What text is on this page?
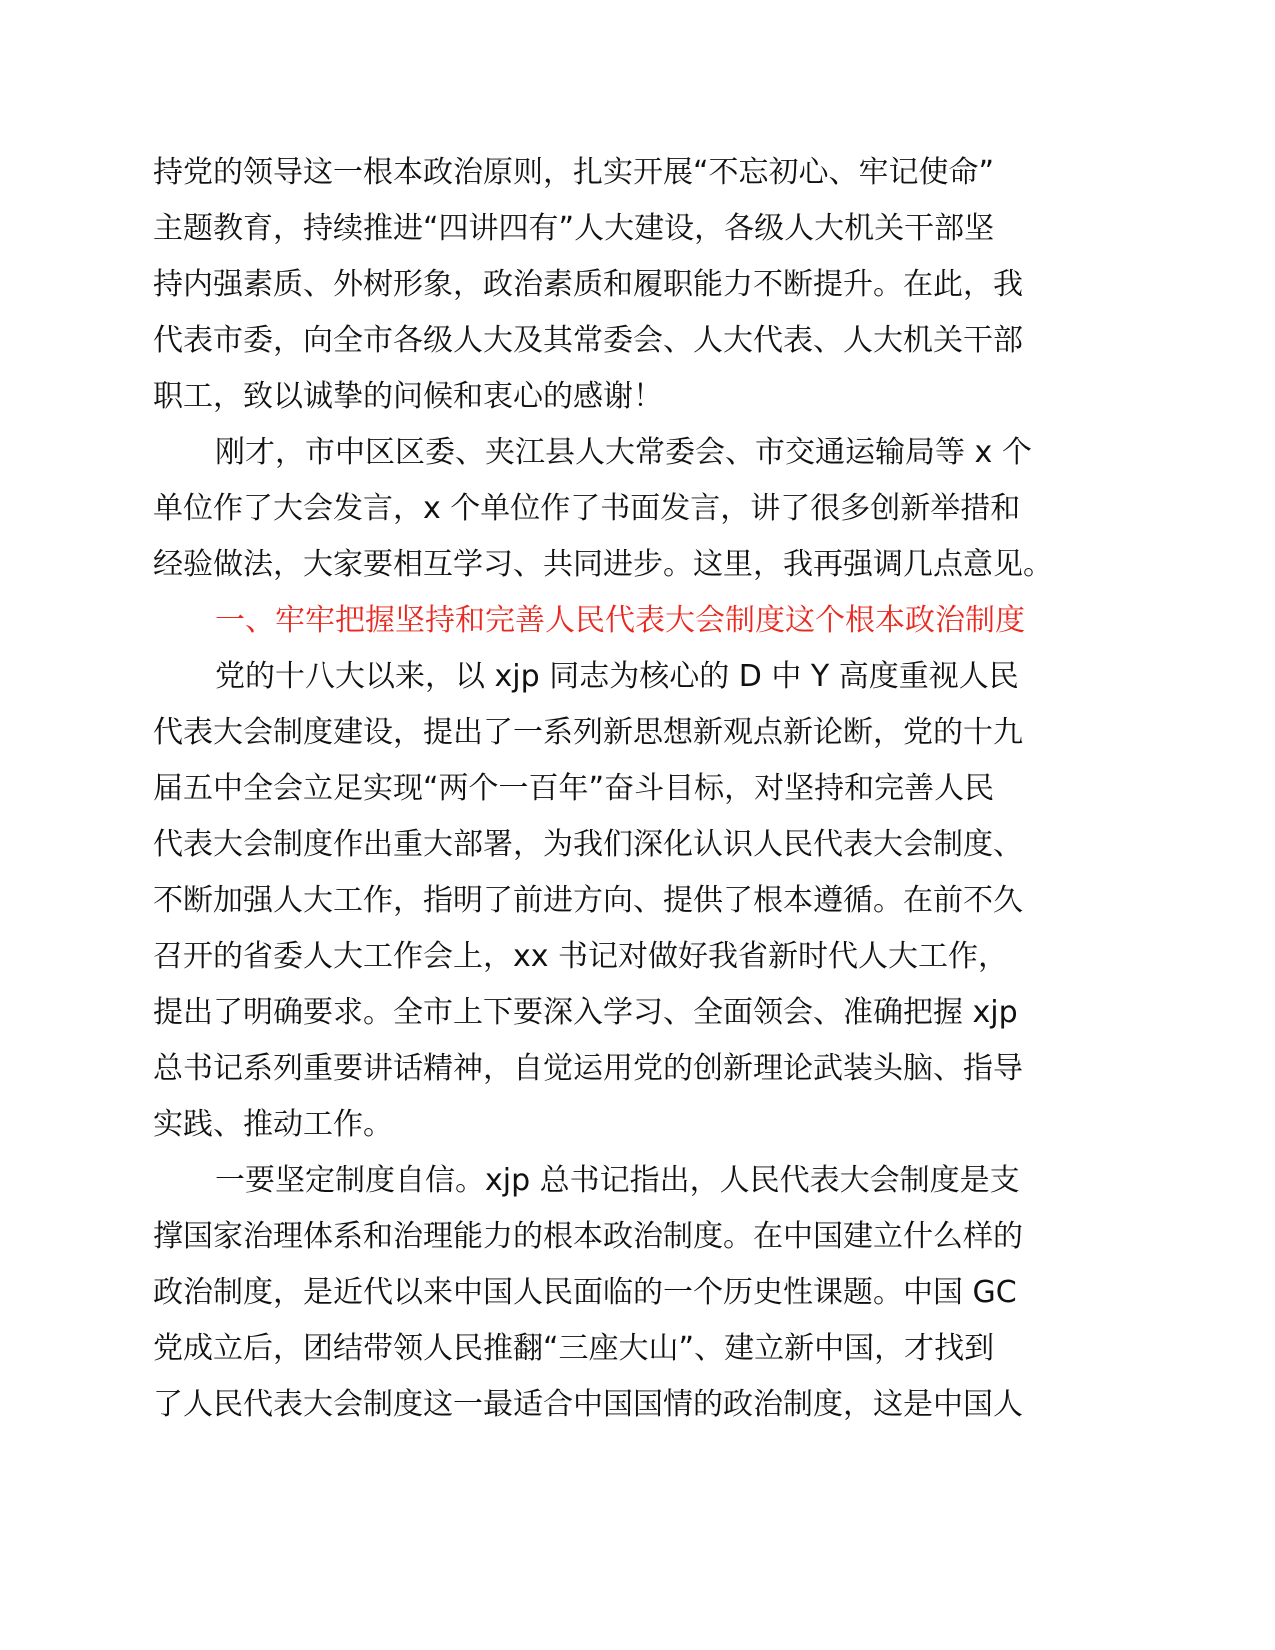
持党的领导这一根本政治原则，扎实开展“不忘初心、牢记使命”
主题教育，持续推进“四讲四有”人大建设，各级人大机关干部坚
持内强素质、外树形象，政治素质和履职能力不断提升。在此，我
代表市委，向全市各级人大及其常委会、人大代表、人大机关干部
职工，致以诚挚的问候和衷心的感谢！
刚才，市中区区委、夹江县人大常委会、市交通运输局等 x 个
单位作了大会发言，x 个单位作了书面发言，讲了很多创新举措和
经验做法，大家要相互学习、共同进步。这里，我再强调几点意见。
一、牢牢把握坚持和完善人民代表大会制度这个根本政治制度
党的十八大以来，以 xjp 同志为核心的 D 中 Y 高度重视人民
代表大会制度建设，提出了一系列新思想新观点新论断，党的十九
届五中全会立足实现“两个一百年”奋斗目标，对坚持和完善人民
代表大会制度作出重大部署，为我们深化认识人民代表大会制度、
不断加强人大工作，指明了前进方向、提供了根本遵循。在前不久
召开的省委人大工作会上，xx 书记对做好我省新时代人大工作，
提出了明确要求。全市上下要深入学习、全面领会、准确把握 xjp
总书记系列重要讲话精神，自觉运用党的创新理论武装头脑、指导
实践、推动工作。
一要坚定制度自信。xjp 总书记指出，人民代表大会制度是支
撑国家治理体系和治理能力的根本政治制度。在中国建立什么样的
政治制度，是近代以来中国人民面临的一个历史性课题。中国 GC
党成立后，团结带领人民推翻“三座大山”、建立新中国，才找到
了人民代表大会制度这一最适合中国国情的政治制度，这是中国人
